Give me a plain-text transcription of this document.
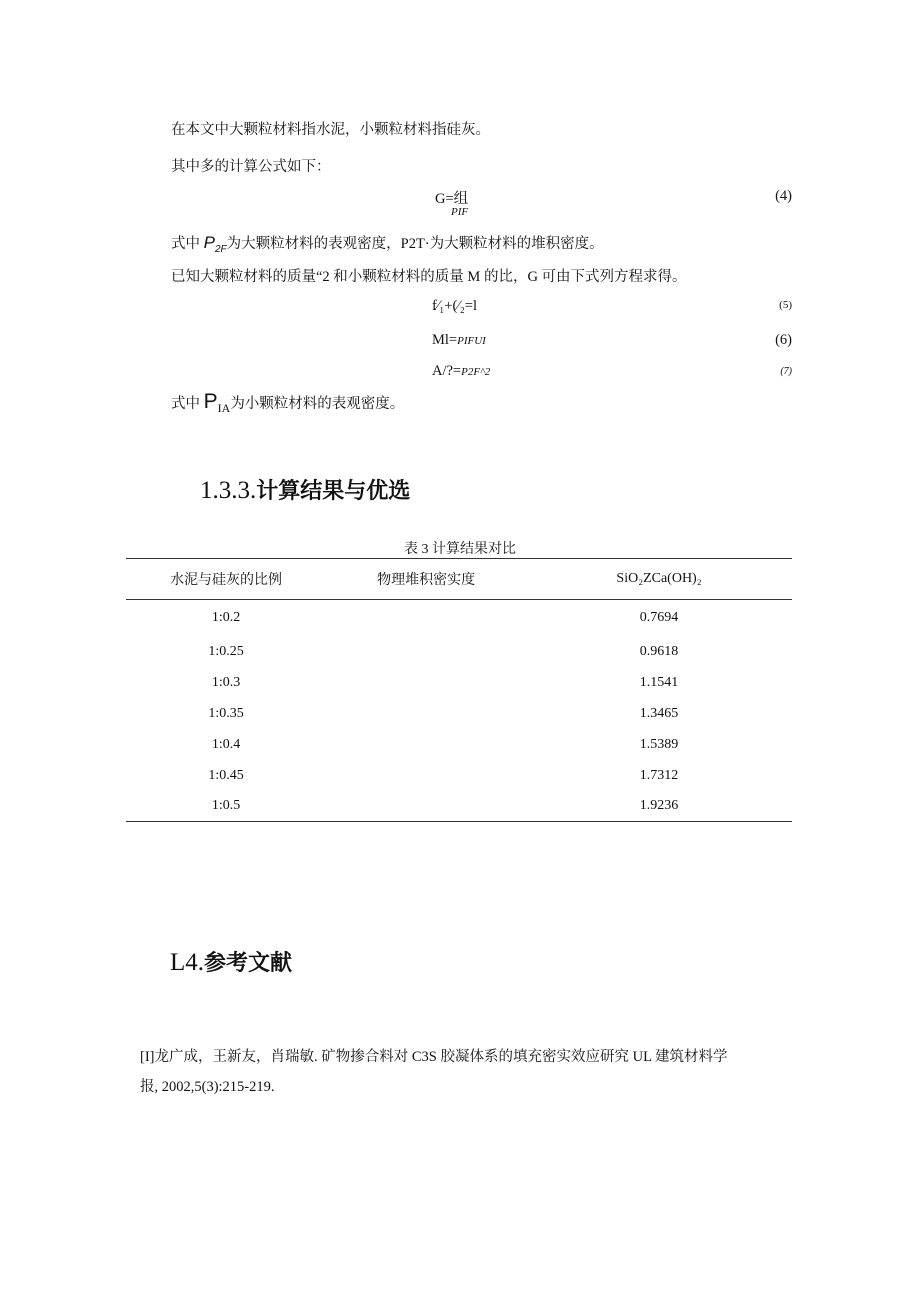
在本文中大颗粒材料指水泥，小颗粒材料指硅灰。
其中多的计算公式如下：
G=组
PIF
(4)
式中 $P_{2F}$为大颗粒材料的表观密度，P2T·为大颗粒材料的堆积密度。
已知大颗粒材料的质量“2 和小颗粒材料的质量 M 的比，G 可由下式列方程求得。
f∕₁+(∕₂=l	(5)
Ml=PIFUI	(6)
A/?=P2F^2	(7)
式中 $P_{IA}$为小颗粒材料的表观密度。
1.3.3.计算结果与优选
表 3 计算结果对比
水泥与硅灰的比例	物理堆积密实度	SiO₂ZCa(OH)₂
1:0.2		0.7694
1:0.25		0.9618
1:0.3		1.1541
1:0.35		1.3465
1:0.4		1.5389
1:0.45		1.7312
1:0.5		1.9236
L4.参考文献
[I]龙广成，王新友，肖瑞敏. 矿物掺合料对 C3S 胶凝体系的填充密实效应研究 UL 建筑材料学
报, 2002,5(3):215-219.
